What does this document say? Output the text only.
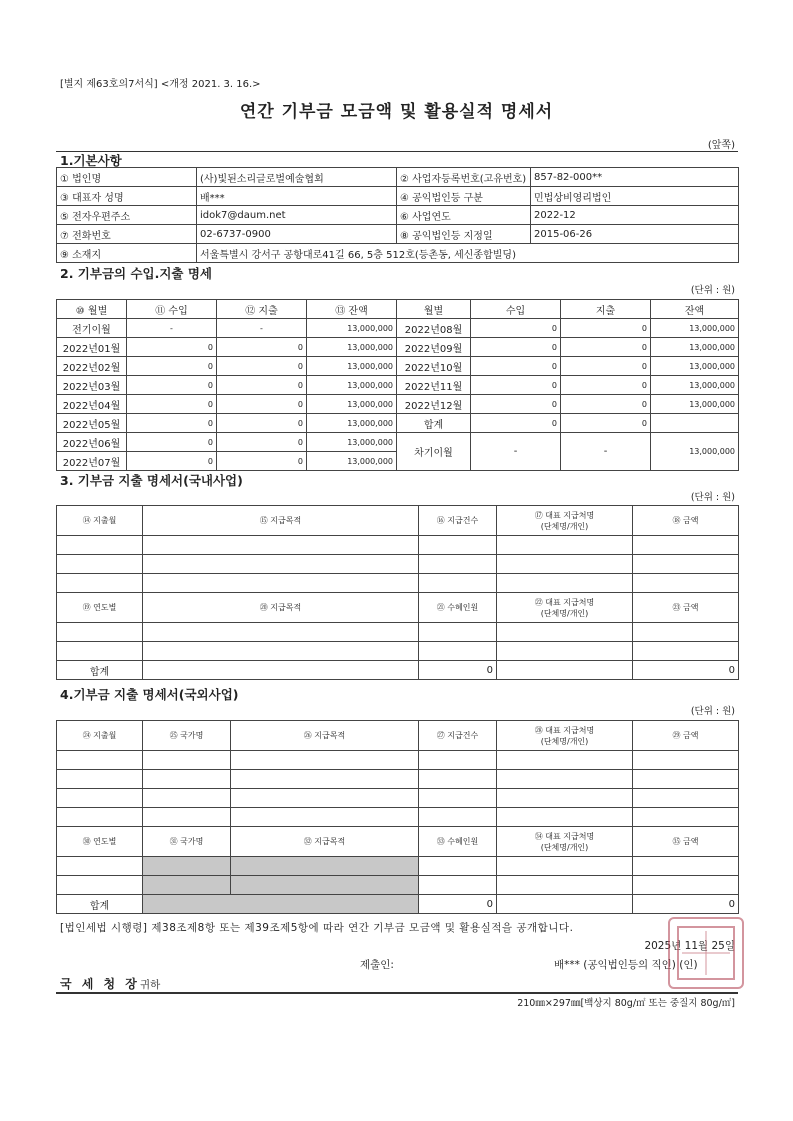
[별지 제63호의7서식] <개정 2021. 3. 16.>
연간 기부금 모금액 및 활용실적 명세서
(앞쪽)
1.기본사항
① 법인명	(사)빛된소리글로벌예술협회	② 사업자등록번호(고유번호)	857-82-000**
③ 대표자 성명	배***	④ 공익법인등 구분	민법상비영리법인
⑤ 전자우편주소	idok7@daum.net	⑥ 사업연도	2022-12
⑦ 전화번호	02-6737-0900	⑧ 공익법인등 지정일	2015-06-26
⑨ 소재지	서울특별시 강서구 공항대로41길 66, 5층 512호(등촌동, 세신종합빌딩)		
2. 기부금의 수입.지출 명세
(단위 : 원)
⑩ 월별	⑪ 수입	⑫ 지출	⑬ 잔액	월별	수입	지출	잔액
전기이월	-	-	13,000,000	2022년08월	0	0	13,000,000
2022년01월	0	0	13,000,000	2022년09월	0	0	13,000,000
2022년02월	0	0	13,000,000	2022년10월	0	0	13,000,000
2022년03월	0	0	13,000,000	2022년11월	0	0	13,000,000
2022년04월	0	0	13,000,000	2022년12월	0	0	13,000,000
2022년05월	0	0	13,000,000	합계	0	0	
2022년06월	0	0	13,000,000	차기이월	-	-	13,000,000
2022년07월	0	0	13,000,000				
3. 기부금 지출 명세서(국내사업)
(단위 : 원)
⑭ 지출월	⑮ 지급목적	⑯ 지급건수	⑰ 대표 지급처명
(단체명/개인)	⑱ 금액

⑲ 연도별	⑳ 지급목적	㉑ 수혜인원	㉒ 대표 지급처명
(단체명/개인)	㉓ 금액

합계		0		0
4.기부금 지출 명세서(국외사업)
(단위 : 원)
㉔ 지출월	㉕ 국가명	㉖ 지급목적	㉗ 지급건수	㉘ 대표 지급처명
(단체명/개인)	㉙ 금액

㉚ 연도별	㉛ 국가명	㉜ 지급목적	㉝ 수혜인원	㉞ 대표 지급처명
(단체명/개인)	㉟ 금액

합계			0		0
[법인세법 시행령] 제38조제8항 또는 제39조제5항에 따라 연간 기부금 모금액 및 활용실적을 공개합니다.
2025년 11월 25일
제출인:	배*** (공익법인등의 직인) (인)
국 세 청 장 귀하
210㎜×297㎜[백상지 80g/㎡ 또는 중질지 80g/㎡]
